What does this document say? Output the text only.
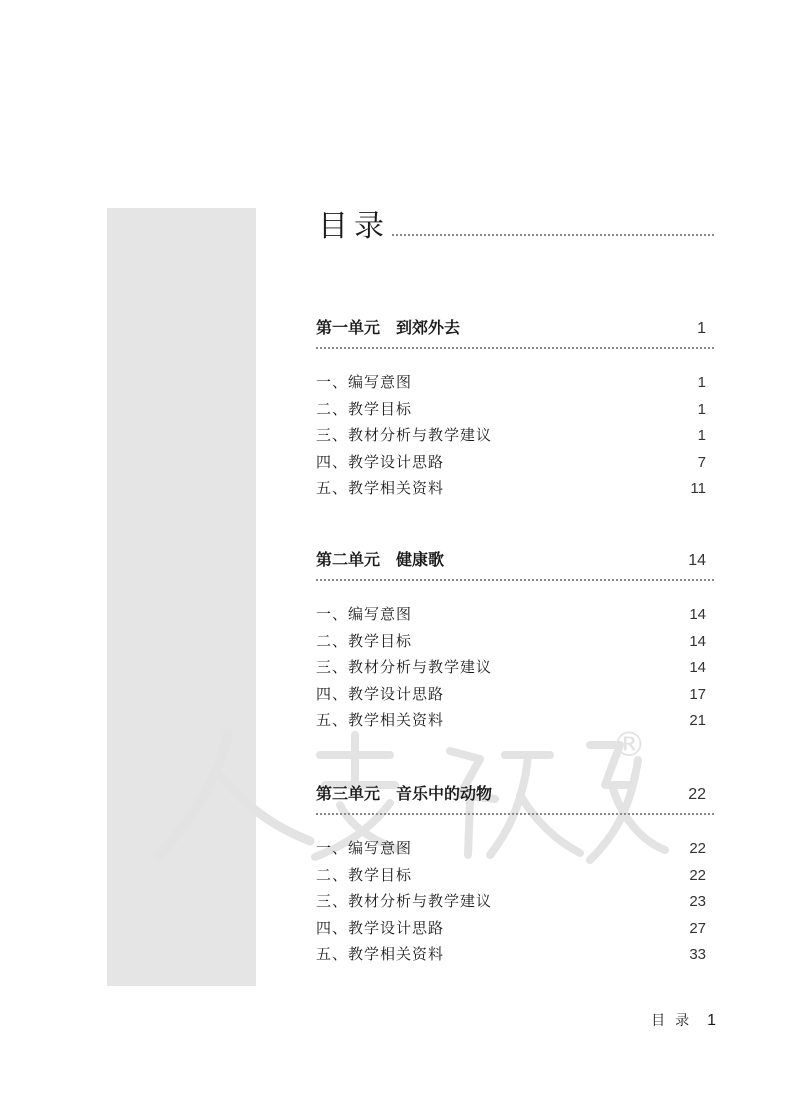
®
目录
第一单元　到郊外去	1
一、编写意图	1
二、教学目标	1
三、教材分析与教学建议	1
四、教学设计思路	7
五、教学相关资料	11
第二单元　健康歌	14
一、编写意图	14
二、教学目标	14
三、教材分析与教学建议	14
四、教学设计思路	17
五、教学相关资料	21
第三单元　音乐中的动物	22
一、编写意图	22
二、教学目标	22
三、教材分析与教学建议	23
四、教学设计思路	27
五、教学相关资料	33
目录 1
